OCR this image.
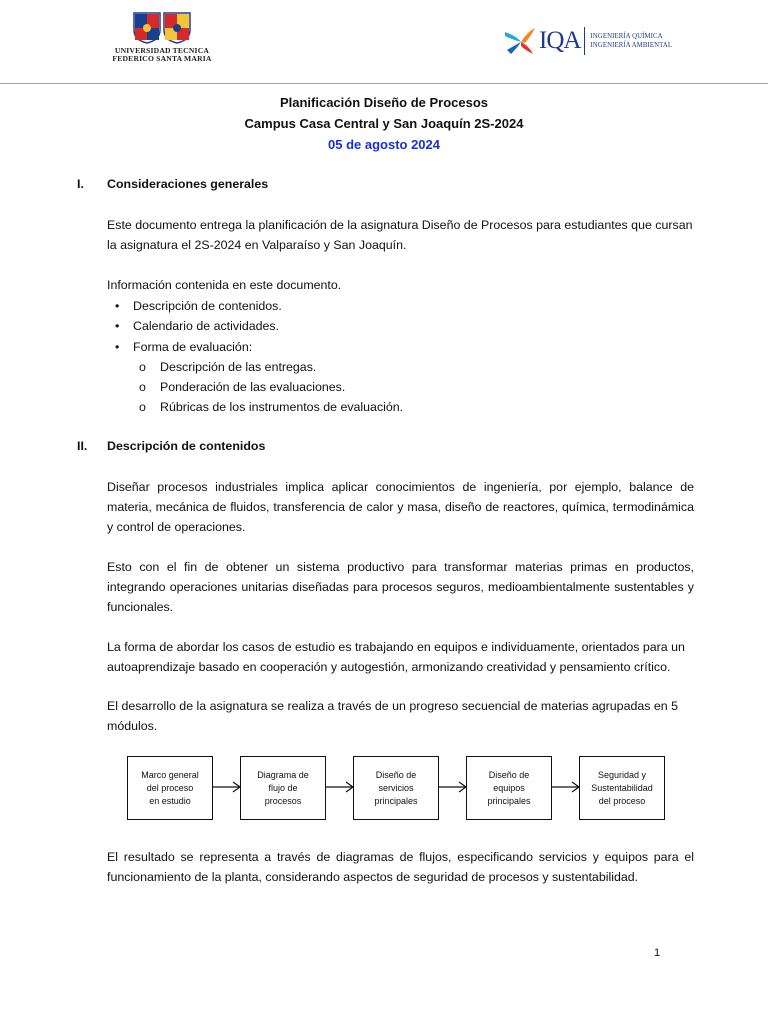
UNIVERSIDAD TECNICA
FEDERICO SANTA MARIA
IQA INGENIERÍA QUÍMICA
INGENIERÍA AMBIENTAL
Planificación Diseño de Procesos
Campus Casa Central y San Joaquín 2S-2024
05 de agosto 2024
I. Consideraciones generales

Este documento entrega la planificación de la asignatura Diseño de Procesos para estudiantes que cursan la asignatura el 2S-2024 en Valparaíso y San Joaquín.

Información contenida en este documento.

• Descripción de contenidos.
• Calendario de actividades.
• Forma de evaluación:
o Descripción de las entregas.
o Ponderación de las evaluaciones.
o Rúbricas de los instrumentos de evaluación.
II. Descripción de contenidos

Diseñar procesos industriales implica aplicar conocimientos de ingeniería, por ejemplo, balance de materia, mecánica de fluidos, transferencia de calor y masa, diseño de reactores, química, termodinámica y control de operaciones.

Esto con el fin de obtener un sistema productivo para transformar materias primas en productos, integrando operaciones unitarias diseñadas para procesos seguros, medioambientalmente sustentables y funcionales.

La forma de abordar los casos de estudio es trabajando en equipos e individuamente, orientados para un autoaprendizaje basado en cooperación y autogestión, armonizando creatividad y pensamiento crítico.

El desarrollo de la asignatura se realiza a través de un progreso secuencial de materias agrupadas en 5 módulos.

Marco general
del proceso
en estudio
Diagrama de
flujo de
procesos
Diseño de
servicios
principales
Diseño de
equipos
principales
Seguridad y
Sustentabilidad
del proceso

El resultado se representa a través de diagramas de flujos, especificando servicios y equipos para el funcionamiento de la planta, considerando aspectos de seguridad de procesos y sustentabilidad.

1
